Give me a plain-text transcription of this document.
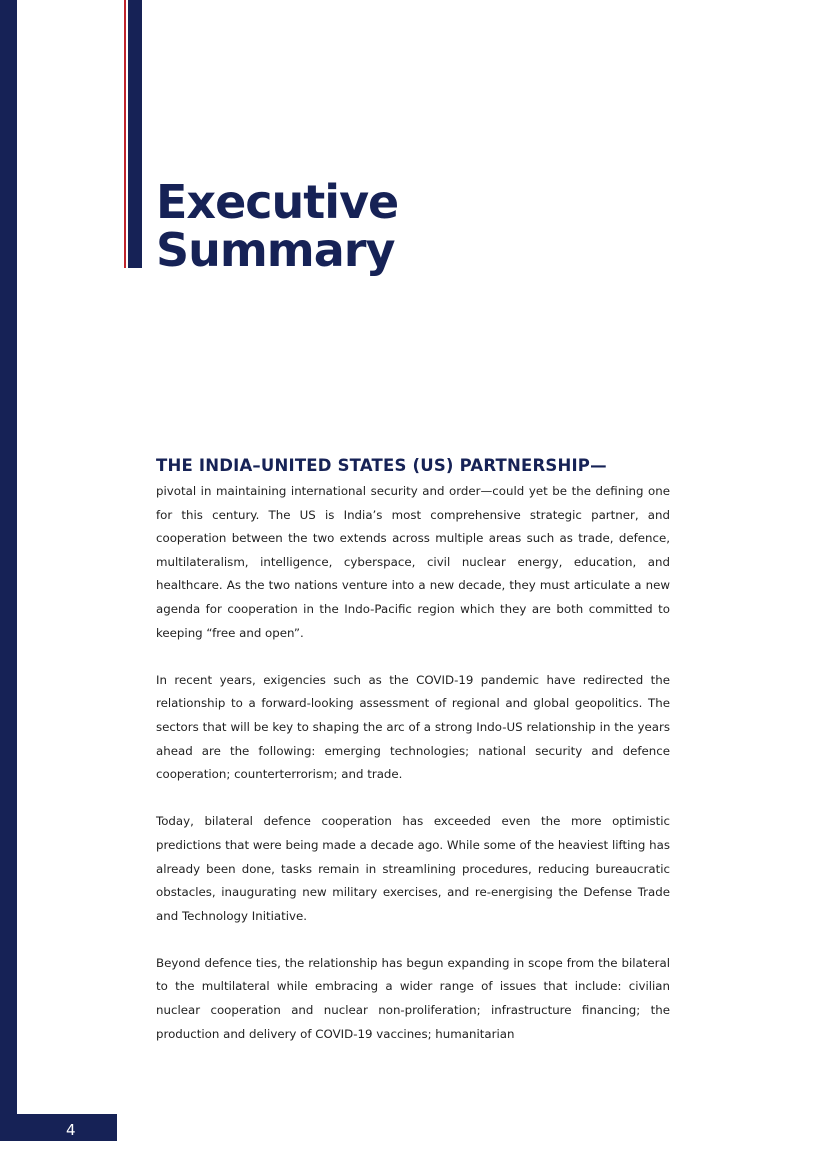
Executive
Summary
THE INDIA–UNITED STATES (US) PARTNERSHIP—

pivotal in maintaining international security and order—could yet be the defining one for this century. The US is India’s most comprehensive strategic partner, and cooperation between the two extends across multiple areas such as trade, defence, multilateralism, intelligence, cyberspace, civil nuclear energy, education, and healthcare. As the two nations venture into a new decade, they must articulate a new agenda for cooperation in the Indo-Pacific region which they are both committed to keeping “free and open”.

In recent years, exigencies such as the COVID-19 pandemic have redirected the relationship to a forward-looking assessment of regional and global geopolitics. The sectors that will be key to shaping the arc of a strong Indo-US relationship in the years ahead are the following: emerging technologies; national security and defence cooperation; counterterrorism; and trade.

Today, bilateral defence cooperation has exceeded even the more optimistic predictions that were being made a decade ago. While some of the heaviest lifting has already been done, tasks remain in streamlining procedures, reducing bureaucratic obstacles, inaugurating new military exercises, and re-energising the Defense Trade and Technology Initiative.

Beyond defence ties, the relationship has begun expanding in scope from the bilateral to the multilateral while embracing a wider range of issues that include: civilian nuclear cooperation and nuclear non-proliferation; infrastructure financing; the production and delivery of COVID-19 vaccines; humanitarian

4
